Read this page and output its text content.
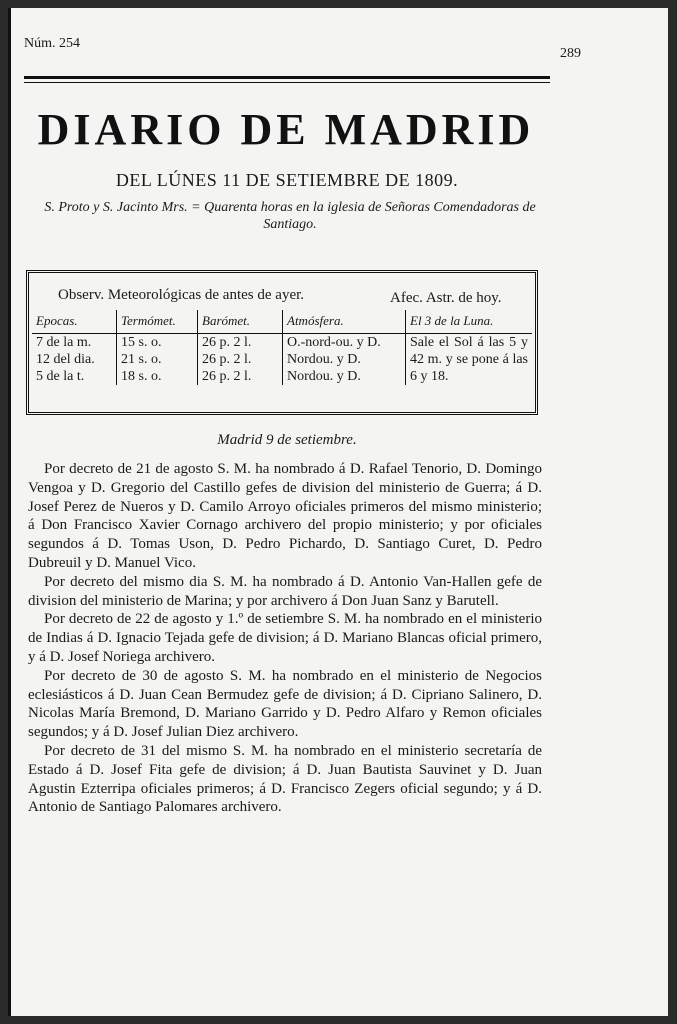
Núm. 254
289
DIARIO DE MADRID
DEL LÚNES 11 DE SETIEMBRE DE 1809.
S. Proto y S. Jacinto Mrs. = Quarenta horas en la iglesia de Señoras Comendadoras de Santiago.
Observ. Meteorológicas de antes de ayer.	Afec. Astr. de hoy.
Epocas.	Termómet.	Barómet.	Atmósfera.	El 3 de la Luna.
7 de la m.	15 s. o.	26 p. 2 l.	O.-nord-ou. y D.	Sale el Sol á las 5 y 42 m. y se pone á las 6 y 18.
12 del dia.	21 s. o.	26 p. 2 l.	Nordou. y D.	
5 de la t.	18 s. o.	26 p. 2 l.	Nordou. y D.	
Madrid 9 de setiembre.

Por decreto de 21 de agosto S. M. ha nombrado á D. Rafael Tenorio, D. Domingo Vengoa y D. Gregorio del Castillo gefes de division del ministerio de Guerra; á D. Josef Perez de Nueros y D. Camilo Arroyo oficiales primeros del mismo ministerio; á Don Francisco Xavier Cornago archivero del propio ministerio; y por oficiales segundos á D. Tomas Uson, D. Pedro Pichardo, D. Santiago Curet, D. Pedro Dubreuil y D. Manuel Vico.

Por decreto del mismo dia S. M. ha nombrado á D. Antonio Van-Hallen gefe de division del ministerio de Marina; y por archivero á Don Juan Sanz y Barutell.

Por decreto de 22 de agosto y 1.º de setiembre S. M. ha nombrado en el ministerio de Indias á D. Ignacio Tejada gefe de division; á D. Mariano Blancas oficial primero, y á D. Josef Noriega archivero.

Por decreto de 30 de agosto S. M. ha nombrado en el ministerio de Negocios eclesiásticos á D. Juan Cean Bermudez gefe de division; á D. Cipriano Salinero, D. Nicolas María Bremond, D. Mariano Garrido y D. Pedro Alfaro y Remon oficiales segundos; y á D. Josef Julian Diez archivero.

Por decreto de 31 del mismo S. M. ha nombrado en el ministerio secretaría de Estado á D. Josef Fita gefe de division; á D. Juan Bautista Sauvinet y D. Juan Agustin Ezterripa oficiales primeros; á D. Francisco Zegers oficial segundo; y á D. Antonio de Santiago Palomares archivero.
